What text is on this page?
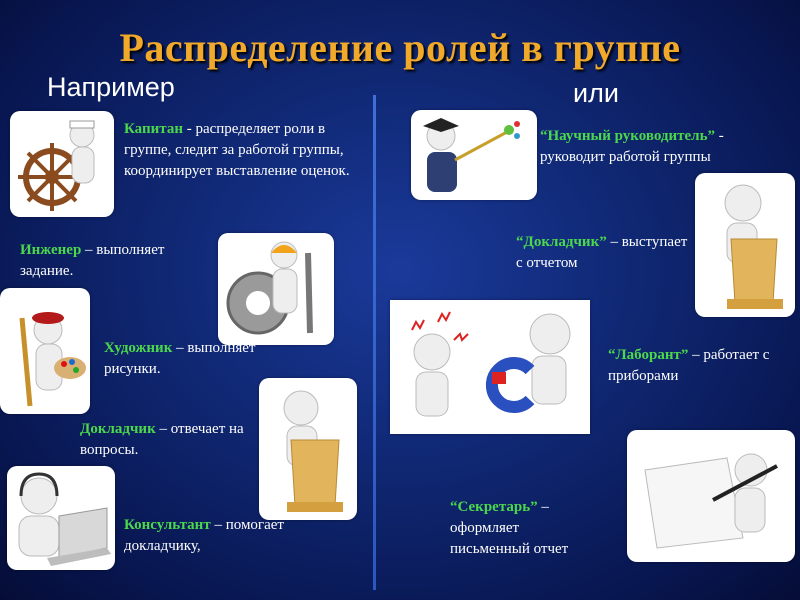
Распределение ролей в группе
Например	или
Капитан - распределяет роли в группе, следит за работой группы, координирует выставление оценок.
Инженер – выполняет задание.
Художник – выполняет рисунки.
Докладчик – отвечает на вопросы.
Консультант – помогает докладчику,
“Научный руководитель” - руководит работой группы
“Докладчик” – выступает с отчетом
“Лаборант” – работает с приборами
“Секретарь” – оформляет письменный отчет
